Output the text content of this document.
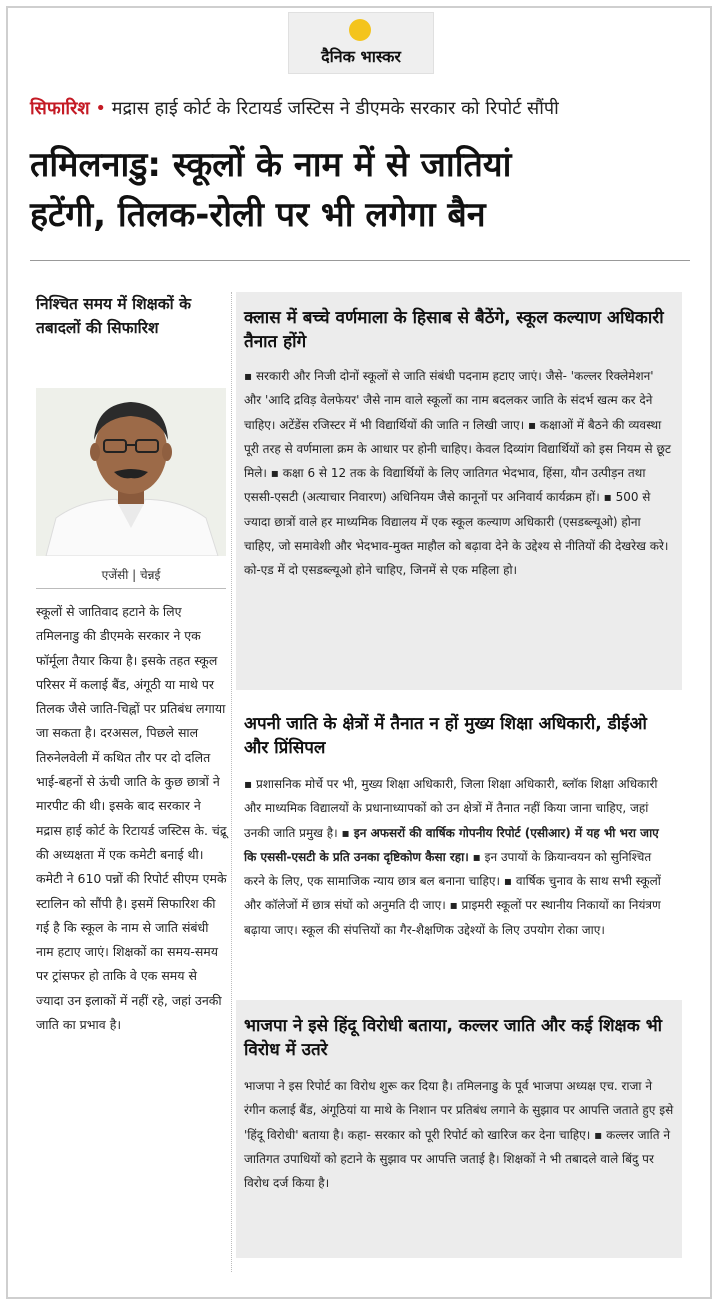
दैनिक भास्कर
सिफारिश • मद्रास हाई कोर्ट के रिटायर्ड जस्टिस ने डीएमके सरकार को रिपोर्ट सौंपी
तमिलनाडु: स्कूलों के नाम में से जातियां
हटेंगी, तिलक-रोली पर भी लगेगा बैन
निश्चित समय में शिक्षकों के तबादलों की सिफारिश
एजेंसी | चेन्नई
स्कूलों से जातिवाद हटाने के लिए तमिलनाडु की डीएमके सरकार ने एक फॉर्मूला तैयार किया है। इसके तहत स्कूल परिसर में कलाई बैंड, अंगूठी या माथे पर तिलक जैसे जाति-चिह्नों पर प्रतिबंध लगाया जा सकता है। दरअसल, पिछले साल तिरुनेलवेली में कथित तौर पर दो दलित भाई-बहनों से ऊंची जाति के कुछ छात्रों ने मारपीट की थी। इसके बाद सरकार ने मद्रास हाई कोर्ट के रिटायर्ड जस्टिस के. चंद्रू की अध्यक्षता में एक कमेटी बनाई थी। कमेटी ने 610 पन्नों की रिपोर्ट सीएम एमके स्टालिन को सौंपी है। इसमें सिफारिश की गई है कि स्कूल के नाम से जाति संबंधी नाम हटाए जाएं। शिक्षकों का समय-समय पर ट्रांसफर हो ताकि वे एक समय से ज्यादा उन इलाकों में नहीं रहे, जहां उनकी जाति का प्रभाव है।
क्लास में बच्चे वर्णमाला के हिसाब से बैठेंगे, स्कूल कल्याण अधिकारी तैनात होंगे
▪ सरकारी और निजी दोनों स्कूलों से जाति संबंधी पदनाम हटाए जाएं। जैसे- 'कल्लर रिक्लेमेशन' और 'आदि द्रविड़ वेलफेयर' जैसे नाम वाले स्कूलों का नाम बदलकर जाति के संदर्भ खत्म कर देने चाहिए। अटेंडेंस रजिस्टर में भी विद्यार्थियों की जाति न लिखी जाए। ▪ कक्षाओं में बैठने की व्यवस्था पूरी तरह से वर्णमाला क्रम के आधार पर होनी चाहिए। केवल दिव्यांग विद्यार्थियों को इस नियम से छूट मिले। ▪ कक्षा 6 से 12 तक के विद्यार्थियों के लिए जातिगत भेदभाव, हिंसा, यौन उत्पीड़न तथा एससी-एसटी (अत्याचार निवारण) अधिनियम जैसे कानूनों पर अनिवार्य कार्यक्रम हों। ▪ 500 से ज्यादा छात्रों वाले हर माध्यमिक विद्यालय में एक स्कूल कल्याण अधिकारी (एसडब्ल्यूओ) होना चाहिए, जो समावेशी और भेदभाव-मुक्त माहौल को बढ़ावा देने के उद्देश्य से नीतियों की देखरेख करे। को-एड में दो एसडब्ल्यूओ होने चाहिए, जिनमें से एक महिला हो।
अपनी जाति के क्षेत्रों में तैनात न हों मुख्य शिक्षा अधिकारी, डीईओ और प्रिंसिपल
▪ प्रशासनिक मोर्चे पर भी, मुख्य शिक्षा अधिकारी, जिला शिक्षा अधिकारी, ब्लॉक शिक्षा अधिकारी और माध्यमिक विद्यालयों के प्रधानाध्यापकों को उन क्षेत्रों में तैनात नहीं किया जाना चाहिए, जहां उनकी जाति प्रमुख है। ▪ इन अफसरों की वार्षिक गोपनीय रिपोर्ट (एसीआर) में यह भी भरा जाए कि एससी-एसटी के प्रति उनका दृष्टिकोण कैसा रहा। ▪ इन उपायों के क्रियान्वयन को सुनिश्चित करने के लिए, एक सामाजिक न्याय छात्र बल बनाना चाहिए। ▪ वार्षिक चुनाव के साथ सभी स्कूलों और कॉलेजों में छात्र संघों को अनुमति दी जाए। ▪ प्राइमरी स्कूलों पर स्थानीय निकायों का नियंत्रण बढ़ाया जाए। स्कूल की संपत्तियों का गैर-शैक्षणिक उद्देश्यों के लिए उपयोग रोका जाए।
भाजपा ने इसे हिंदू विरोधी बताया, कल्लर जाति और कई शिक्षक भी विरोध में उतरे
भाजपा ने इस रिपोर्ट का विरोध शुरू कर दिया है। तमिलनाडु के पूर्व भाजपा अध्यक्ष एच. राजा ने रंगीन कलाई बैंड, अंगूठियां या माथे के निशान पर प्रतिबंध लगाने के सुझाव पर आपत्ति जताते हुए इसे 'हिंदू विरोधी' बताया है। कहा- सरकार को पूरी रिपोर्ट को खारिज कर देना चाहिए। ▪ कल्लर जाति ने जातिगत उपाधियों को हटाने के सुझाव पर आपत्ति जताई है। शिक्षकों ने भी तबादले वाले बिंदु पर विरोध दर्ज किया है।
